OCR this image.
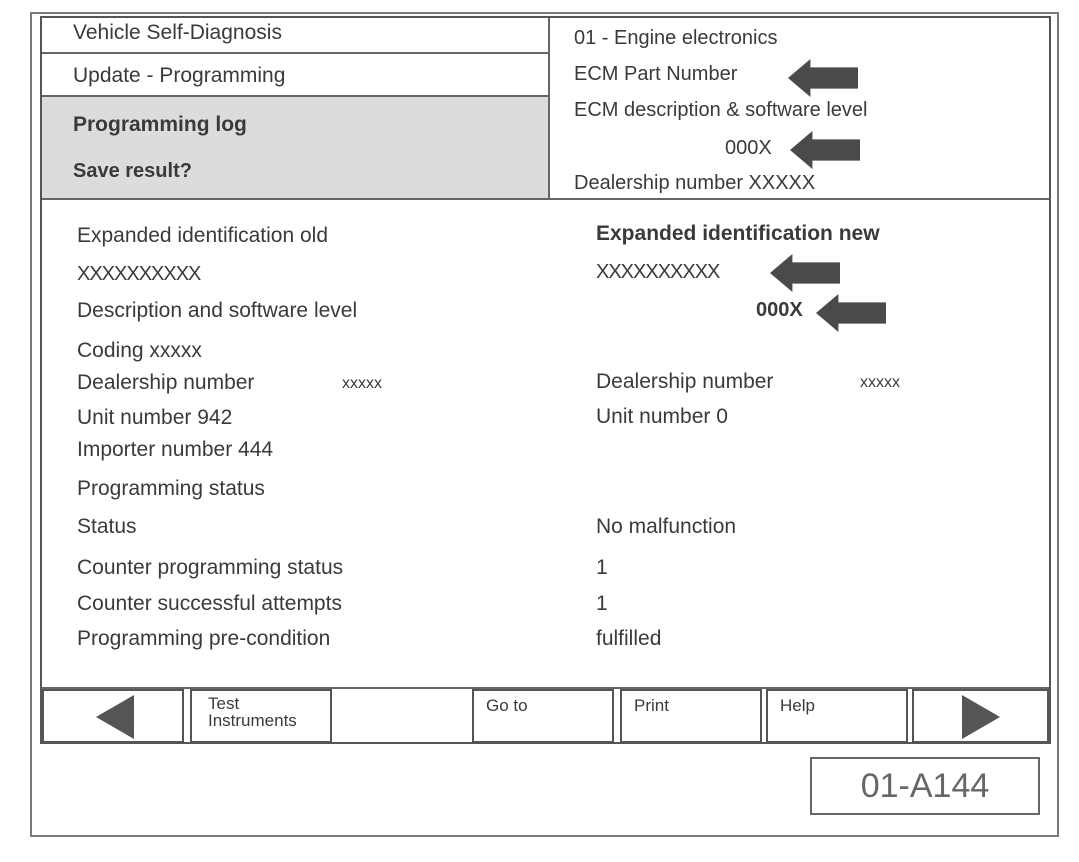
Vehicle Self-Diagnosis
Update - Programming
Programming log
Save result?
01 - Engine electronics
ECM Part Number
ECM description & software level
000X
Dealership number XXXXX
Expanded identification old	Expanded identification new
XXXXXXXXXX	XXXXXXXXXX
Description and software level	000X
Coding xxxxx
Dealership number	xxxxx	Dealership number	xxxxx
Unit number 942	Unit number 0
Importer number 444
Programming status
Status	No malfunction
Counter programming status	1
Counter successful attempts	1
Programming pre-condition	fulfilled
Test
Instruments
Go to	Print	Help
01-A144
